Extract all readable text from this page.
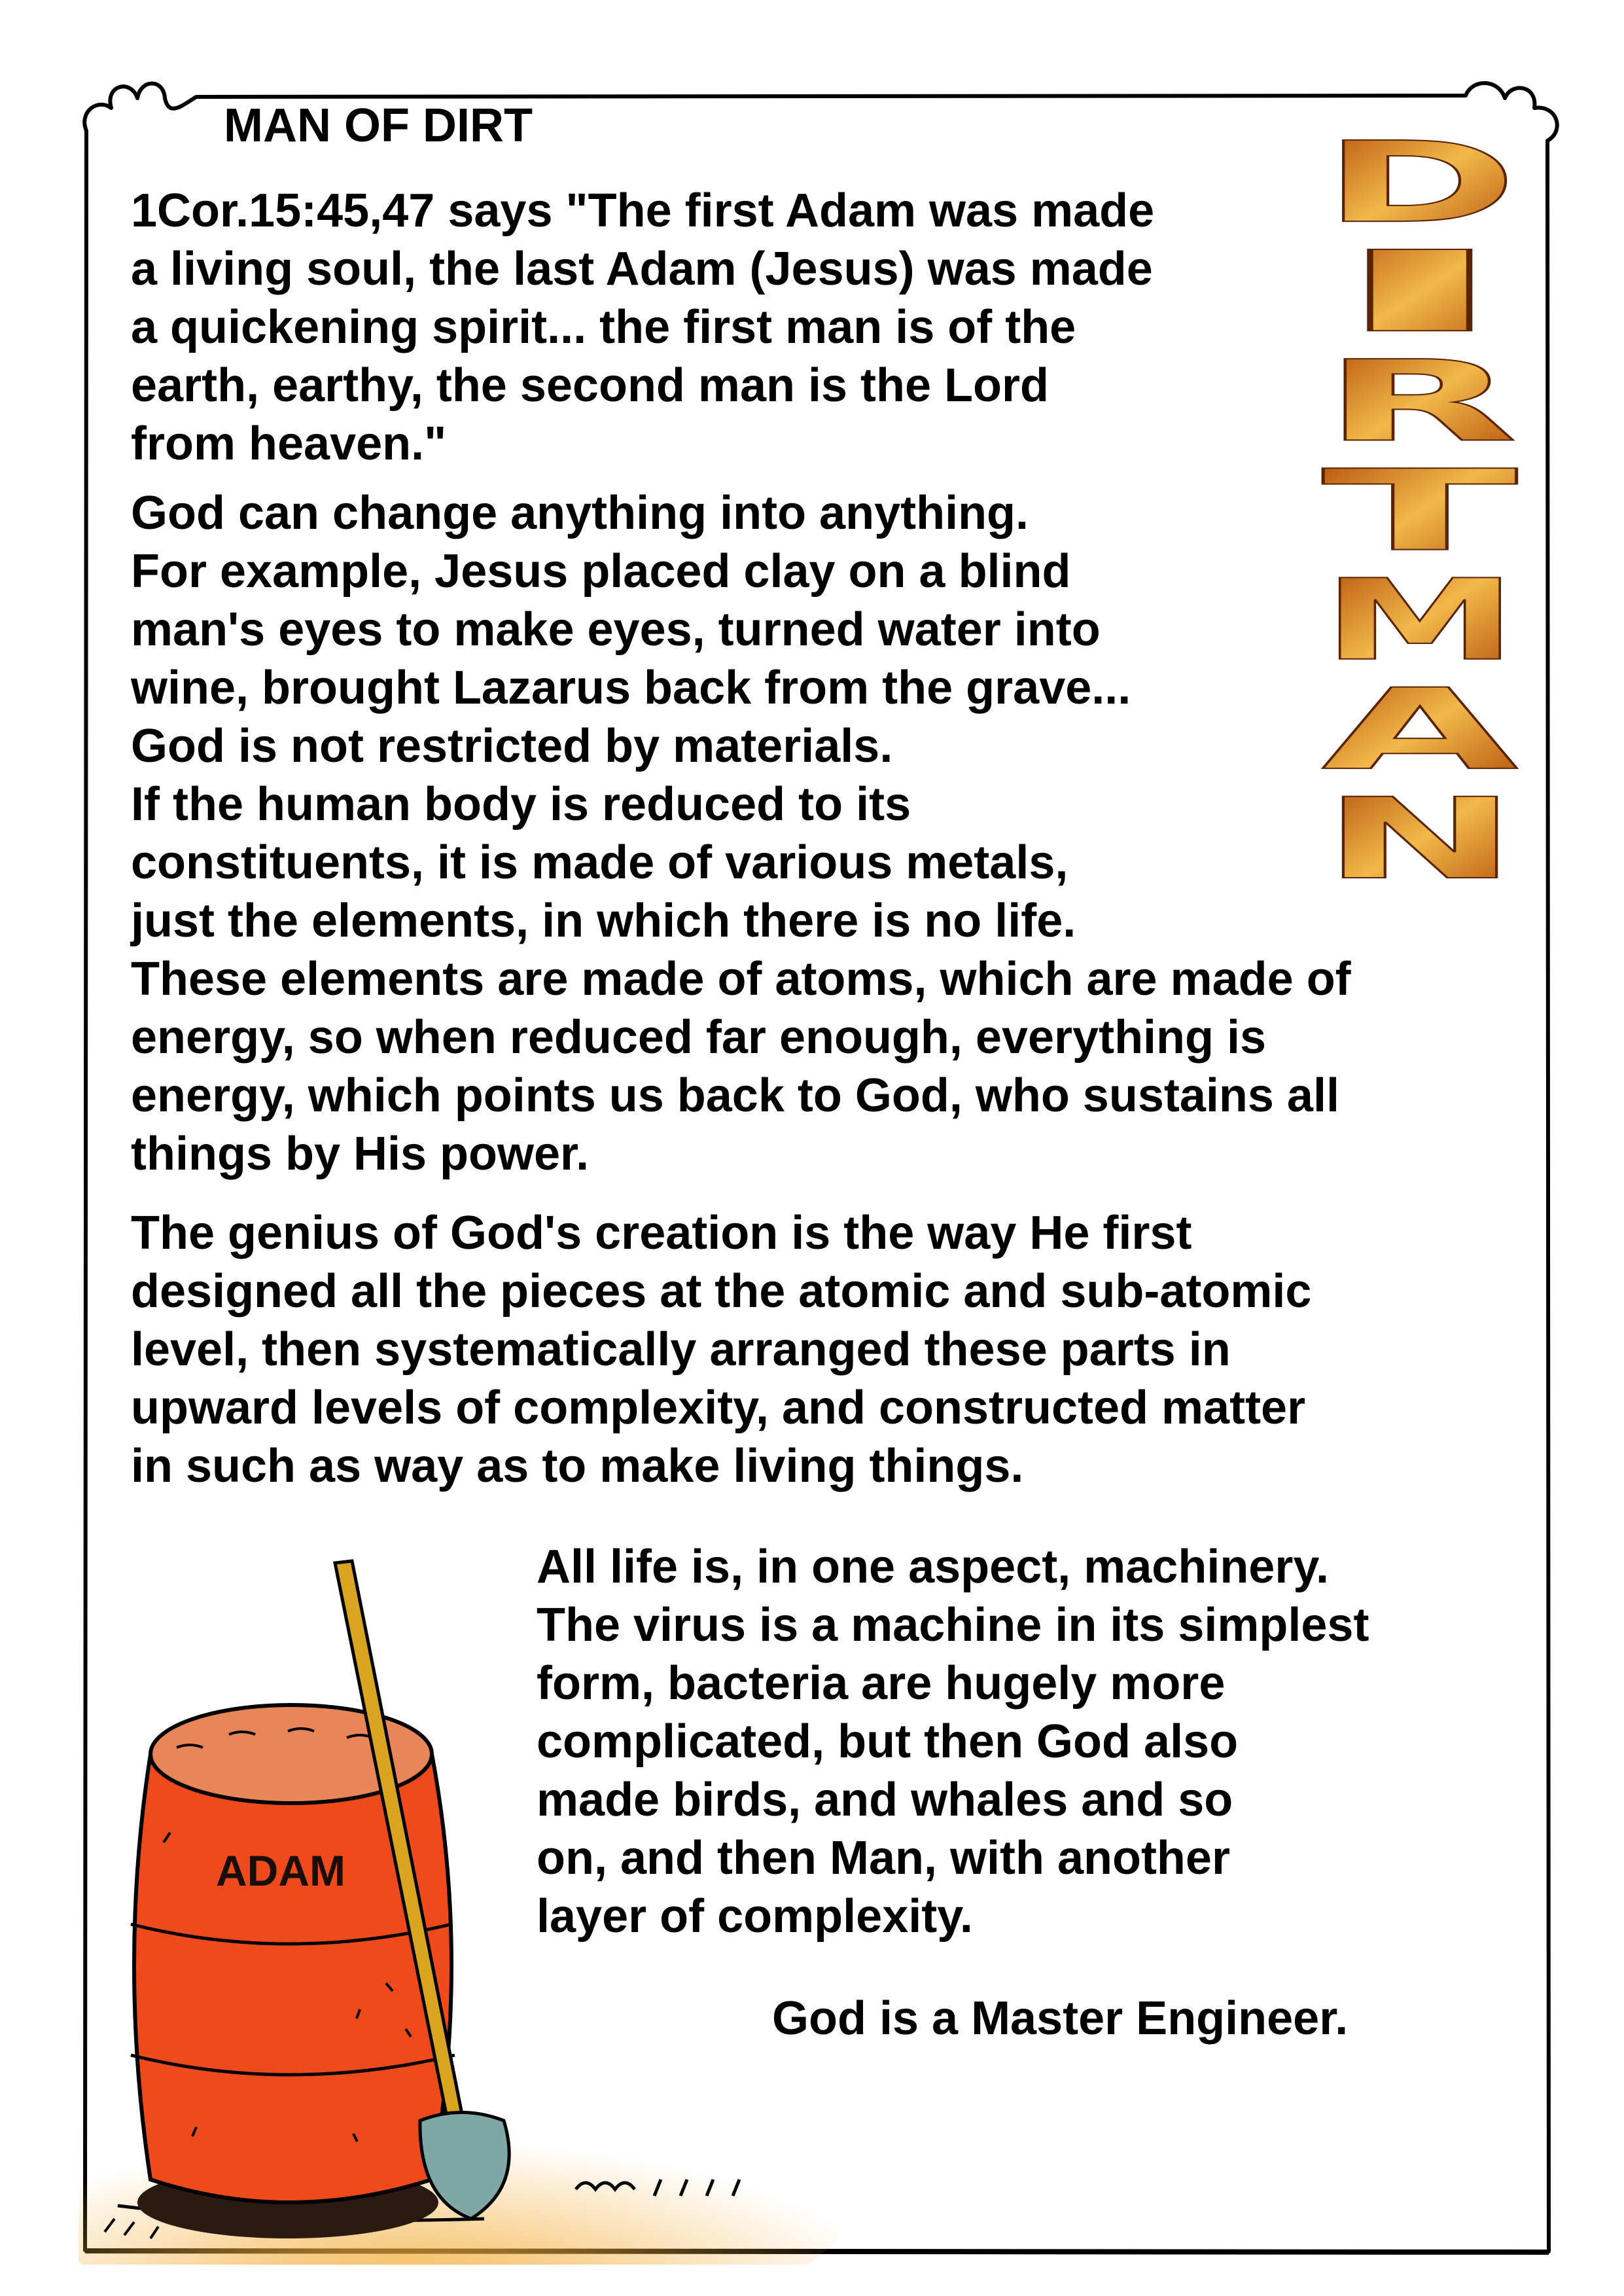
D
I
R
T
M
A
N
MAN OF DIRT

1Cor.15:45,47 says "The first Adam was made
a living soul, the last Adam (Jesus) was made
a quickening spirit... the first man is of the
earth, earthy, the second man is the Lord
from heaven."

God can change anything into anything.
For example, Jesus placed clay on a blind
man's eyes to make eyes, turned water into
wine, brought Lazarus back from the grave...
God is not restricted by materials.
If the human body is reduced to its
constituents, it is made of various metals,
just the elements, in which there is no life.
These elements are made of atoms, which are made of
energy, so when reduced far enough, everything is
energy, which points us back to God, who sustains all
things by His power.

The genius of God's creation is the way He first
designed all the pieces at the atomic and sub-atomic
level, then systematically arranged these parts in
upward levels of complexity, and constructed matter
in such as way as to make living things.

All life is, in one aspect, machinery.
The virus is a machine in its simplest
form, bacteria are hugely more
complicated, but then God also
made birds, and whales and so
on, and then Man, with another
layer of complexity.

God is a Master Engineer.

ADAM
